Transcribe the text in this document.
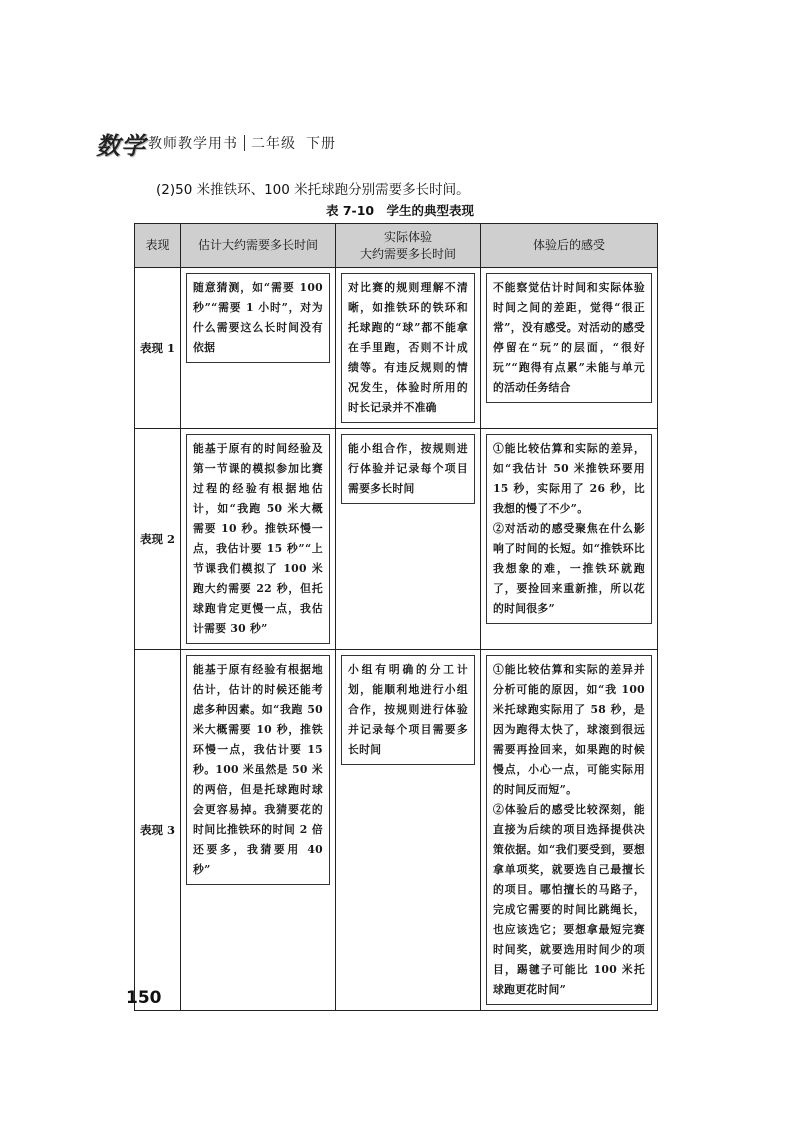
数学 教师教学用书 二年级 下册
(2)50 米推铁环、100 米托球跑分别需要多长时间。
表 7-10 学生的典型表现
表现	估计大约需要多长时间	实际体验
大约需要多长时间	体验后的感受
表现 1	随意猜测，如“需要 100 秒”“需要 1 小时”，对为什么需要这么长时间没有依据	对比赛的规则理解不清晰，如推铁环的铁环和托球跑的“球”都不能拿在手里跑，否则不计成绩等。有违反规则的情况发生，体验时所用的时长记录并不准确	不能察觉估计时间和实际体验时间之间的差距，觉得“很正常”，没有感受。对活动的感受停留在“玩”的层面，“很好玩”“跑得有点累”未能与单元的活动任务结合

表现 2	能基于原有的时间经验及第一节课的模拟参加比赛过程的经验有根据地估计，如“我跑 50 米大概需要 10 秒。推铁环慢一点，我估计要 15 秒”“上节课我们模拟了 100 米跑大约需要 22 秒，但托球跑肯定更慢一点，我估计需要 30 秒”	能小组合作，按规则进行体验并记录每个项目需要多长时间	①能比较估算和实际的差异，如“我估计 50 米推铁环要用 15 秒，实际用了 26 秒，比我想的慢了不少”。

②对活动的感受聚焦在什么影响了时间的长短。如“推铁环比我想象的难，一推铁环就跑了，要捡回来重新推，所以花的时间很多”

表现 3	能基于原有经验有根据地估计，估计的时候还能考虑多种因素。如“我跑 50 米大概需要 10 秒，推铁环慢一点，我估计要 15 秒。100 米虽然是 50 米的两倍，但是托球跑时球会更容易掉。我猜要花的时间比推铁环的时间 2 倍还要多，我猜要用 40 秒”	小组有明确的分工计划，能顺利地进行小组合作，按规则进行体验并记录每个项目需要多长时间	①能比较估算和实际的差异并分析可能的原因，如“我 100 米托球跑实际用了 58 秒，是因为跑得太快了，球滚到很远需要再捡回来，如果跑的时候慢点，小心一点，可能实际用的时间反而短”。

②体验后的感受比较深刻，能直接为后续的项目选择提供决策依据。如“我们要受到，要想拿单项奖，就要选自己最擅长的项目。哪怕擅长的马路子，完成它需要的时间比跳绳长，也应该选它；要想拿最短完赛时间奖，就要选用时间少的项目，踢毽子可能比 100 米托球跑更花时间”

150
